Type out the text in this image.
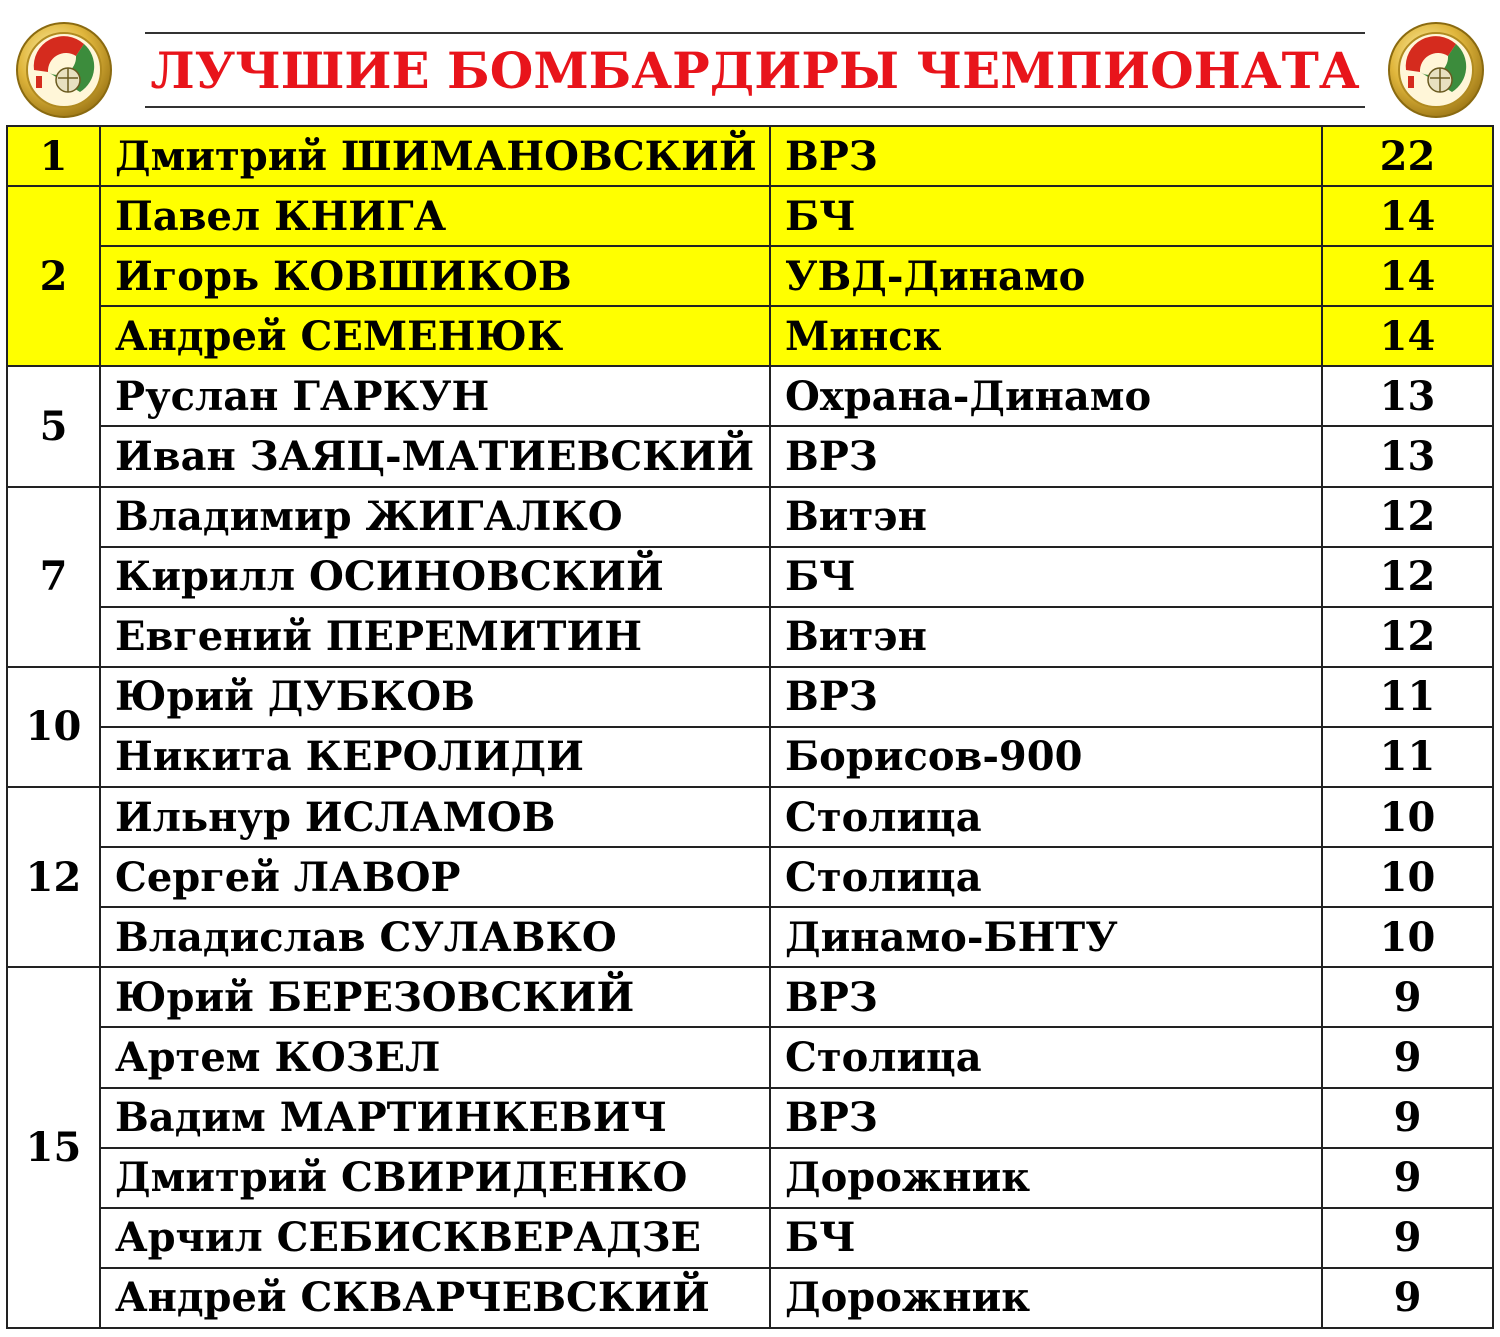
ЛУЧШИЕ БОМБАРДИРЫ ЧЕМПИОНАТА
1	Дмитрий ШИМАНОВСКИЙ	ВРЗ	22
2	Павел КНИГА	БЧ	14
	Игорь КОВШИКОВ	УВД-Динамо	14
	Андрей СЕМЕНЮК	Минск	14
5	Руслан ГАРКУН	Охрана-Динамо	13
	Иван ЗАЯЦ-МАТИЕВСКИЙ	ВРЗ	13
7	Владимир ЖИГАЛКО	Витэн	12
	Кирилл ОСИНОВСКИЙ	БЧ	12
	Евгений ПЕРЕМИТИН	Витэн	12
10	Юрий ДУБКОВ	ВРЗ	11
	Никита КЕРОЛИДИ	Борисов-900	11
12	Ильнур ИСЛАМОВ	Столица	10
	Сергей ЛАВОР	Столица	10
	Владислав СУЛАВКО	Динамо-БНТУ	10
15	Юрий БЕРЕЗОВСКИЙ	ВРЗ	9
	Артем КОЗЕЛ	Столица	9
	Вадим МАРТИНКЕВИЧ	ВРЗ	9
	Дмитрий СВИРИДЕНКО	Дорожник	9
	Арчил СЕБИСКВЕРАДЗЕ	БЧ	9
	Андрей СКВАРЧЕВСКИЙ	Дорожник	9
